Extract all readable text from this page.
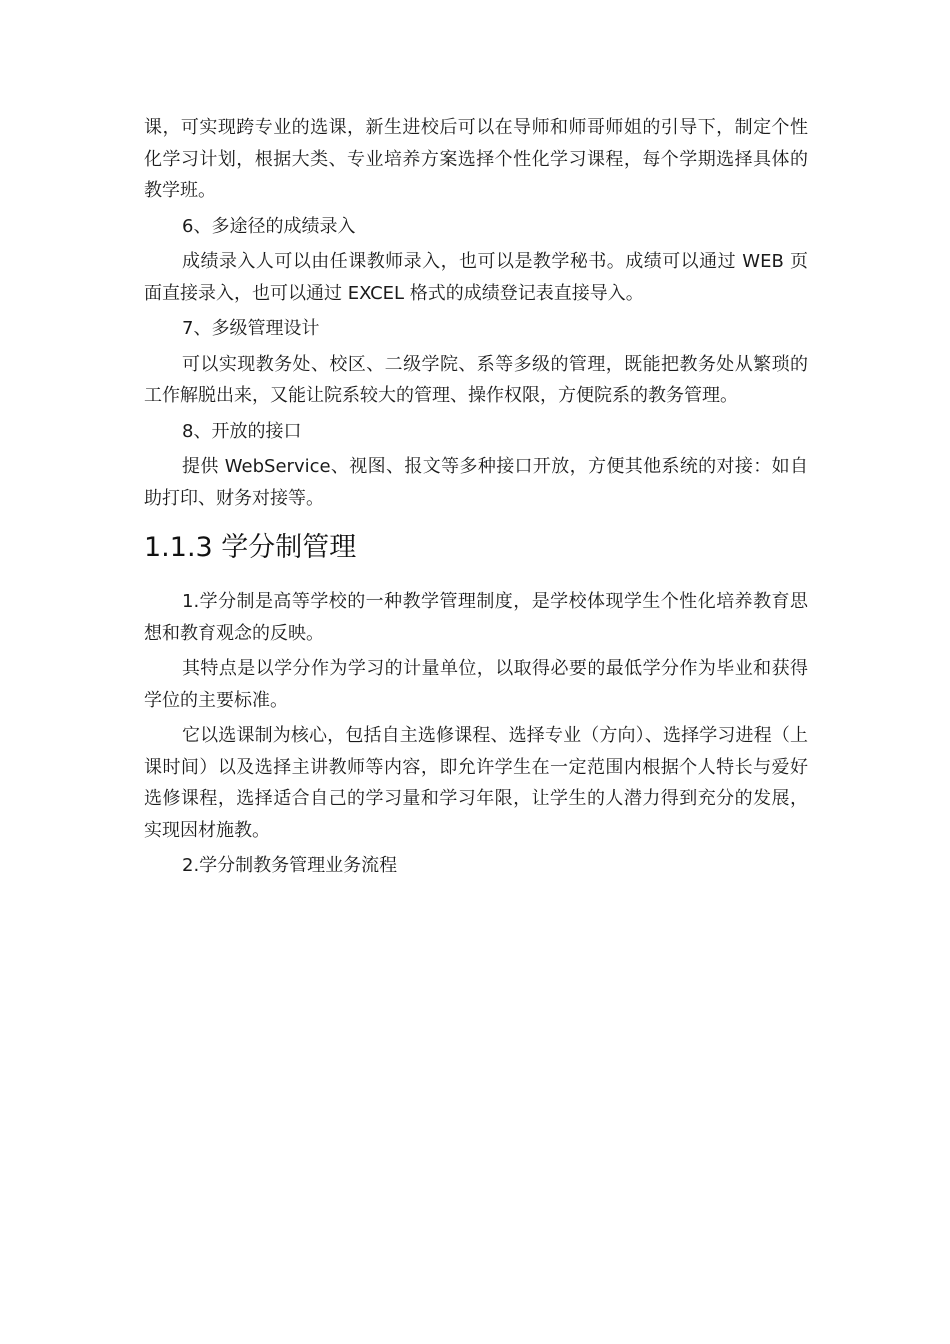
课，可实现跨专业的选课，新生进校后可以在导师和师哥师姐的引导下，制定个性化学习计划，根据大类、专业培养方案选择个性化学习课程，每个学期选择具体的教学班。

6、多途径的成绩录入

成绩录入人可以由任课教师录入，也可以是教学秘书。成绩可以通过 WEB 页面直接录入，也可以通过 EXCEL 格式的成绩登记表直接导入。

7、多级管理设计

可以实现教务处、校区、二级学院、系等多级的管理，既能把教务处从繁琐的工作解脱出来，又能让院系较大的管理、操作权限，方便院系的教务管理。

8、开放的接口

提供 WebService、视图、报文等多种接口开放，方便其他系统的对接：如自助打印、财务对接等。

1.1.3 学分制管理

1.学分制是高等学校的一种教学管理制度，是学校体现学生个性化培养教育思想和教育观念的反映。

其特点是以学分作为学习的计量单位，以取得必要的最低学分作为毕业和获得学位的主要标准。

它以选课制为核心，包括自主选修课程、选择专业（方向）、选择学习进程（上课时间）以及选择主讲教师等内容，即允许学生在一定范围内根据个人特长与爱好选修课程，选择适合自己的学习量和学习年限，让学生的人潜力得到充分的发展，实现因材施教。

2.学分制教务管理业务流程
